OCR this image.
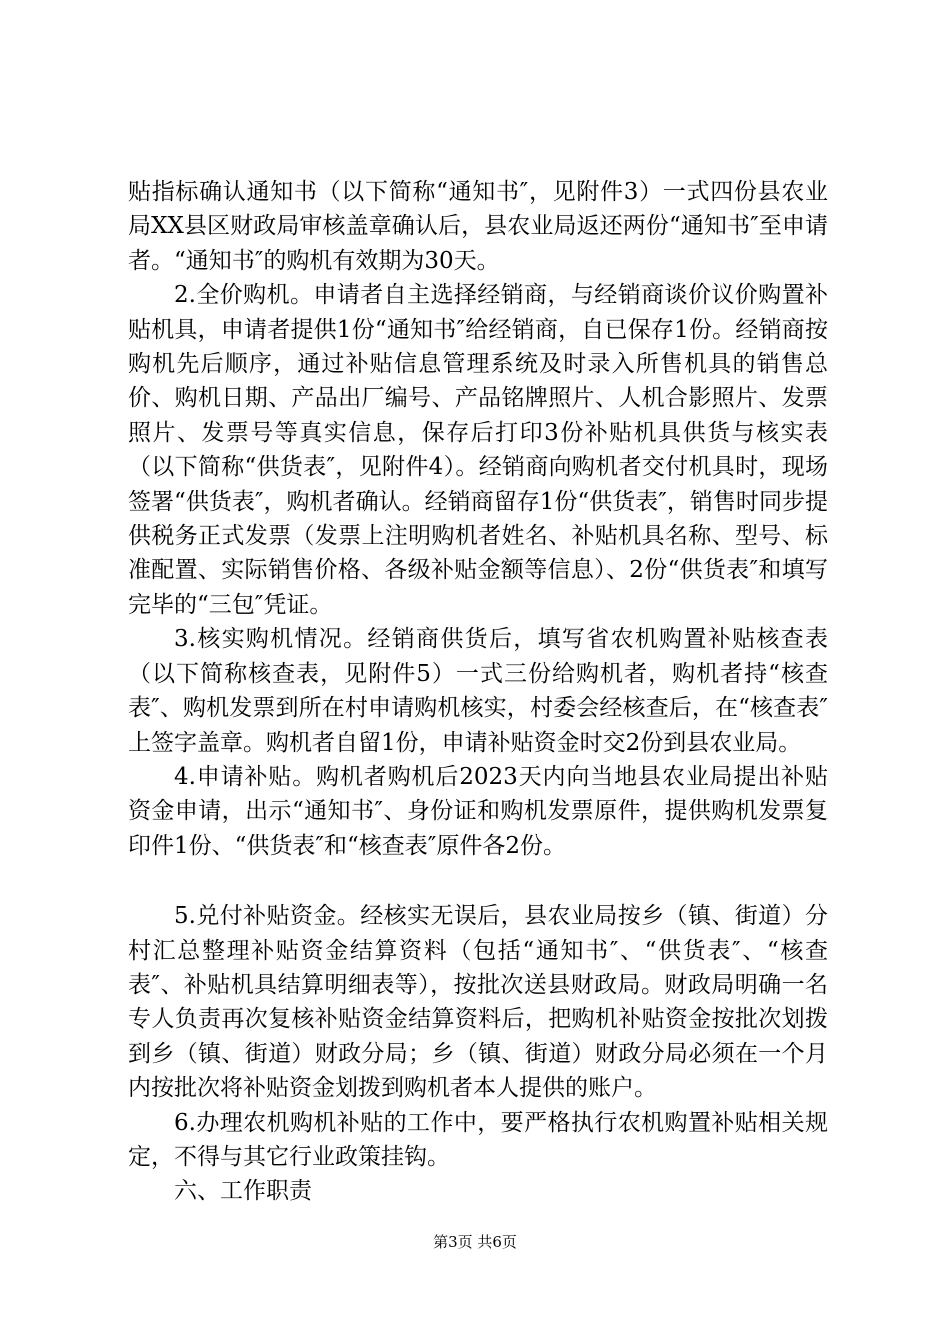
贴指标确认通知书（以下简称“通知书″，见附件3）一式四份县农业局XX县区财政局审核盖章确认后，县农业局返还两份“通知书″至申请者。“通知书″的购机有效期为30天。

2.全价购机。申请者自主选择经销商，与经销商谈价议价购置补贴机具，申请者提供1份“通知书″给经销商，自已保存1份。经销商按购机先后顺序，通过补贴信息管理系统及时录入所售机具的销售总价、购机日期、产品出厂编号、产品铭牌照片、人机合影照片、发票照片、发票号等真实信息，保存后打印3份补贴机具供货与核实表（以下简称“供货表″，见附件4）。经销商向购机者交付机具时，现场签署“供货表″，购机者确认。经销商留存1份“供货表″，销售时同步提供税务正式发票（发票上注明购机者姓名、补贴机具名称、型号、标准配置、实际销售价格、各级补贴金额等信息）、2份“供货表″和填写完毕的“三包″凭证。

3.核实购机情况。经销商供货后，填写省农机购置补贴核查表（以下简称核查表，见附件5）一式三份给购机者，购机者持“核查表″、购机发票到所在村申请购机核实，村委会经核查后，在“核查表″上签字盖章。购机者自留1份，申请补贴资金时交2份到县农业局。

4.申请补贴。购机者购机后2023天内向当地县农业局提出补贴资金申请，出示“通知书″、身份证和购机发票原件，提供购机发票复印件1份、“供货表″和“核查表″原件各2份。

5.兑付补贴资金。经核实无误后，县农业局按乡（镇、街道）分村汇总整理补贴资金结算资料（包括“通知书″、“供货表″、“核查表″、补贴机具结算明细表等），按批次送县财政局。财政局明确一名专人负责再次复核补贴资金结算资料后，把购机补贴资金按批次划拨到乡（镇、街道）财政分局；乡（镇、街道）财政分局必须在一个月内按批次将补贴资金划拨到购机者本人提供的账户。

6.办理农机购机补贴的工作中，要严格执行农机购置补贴相关规定，不得与其它行业政策挂钩。

六、工作职责

第3页 共6页
